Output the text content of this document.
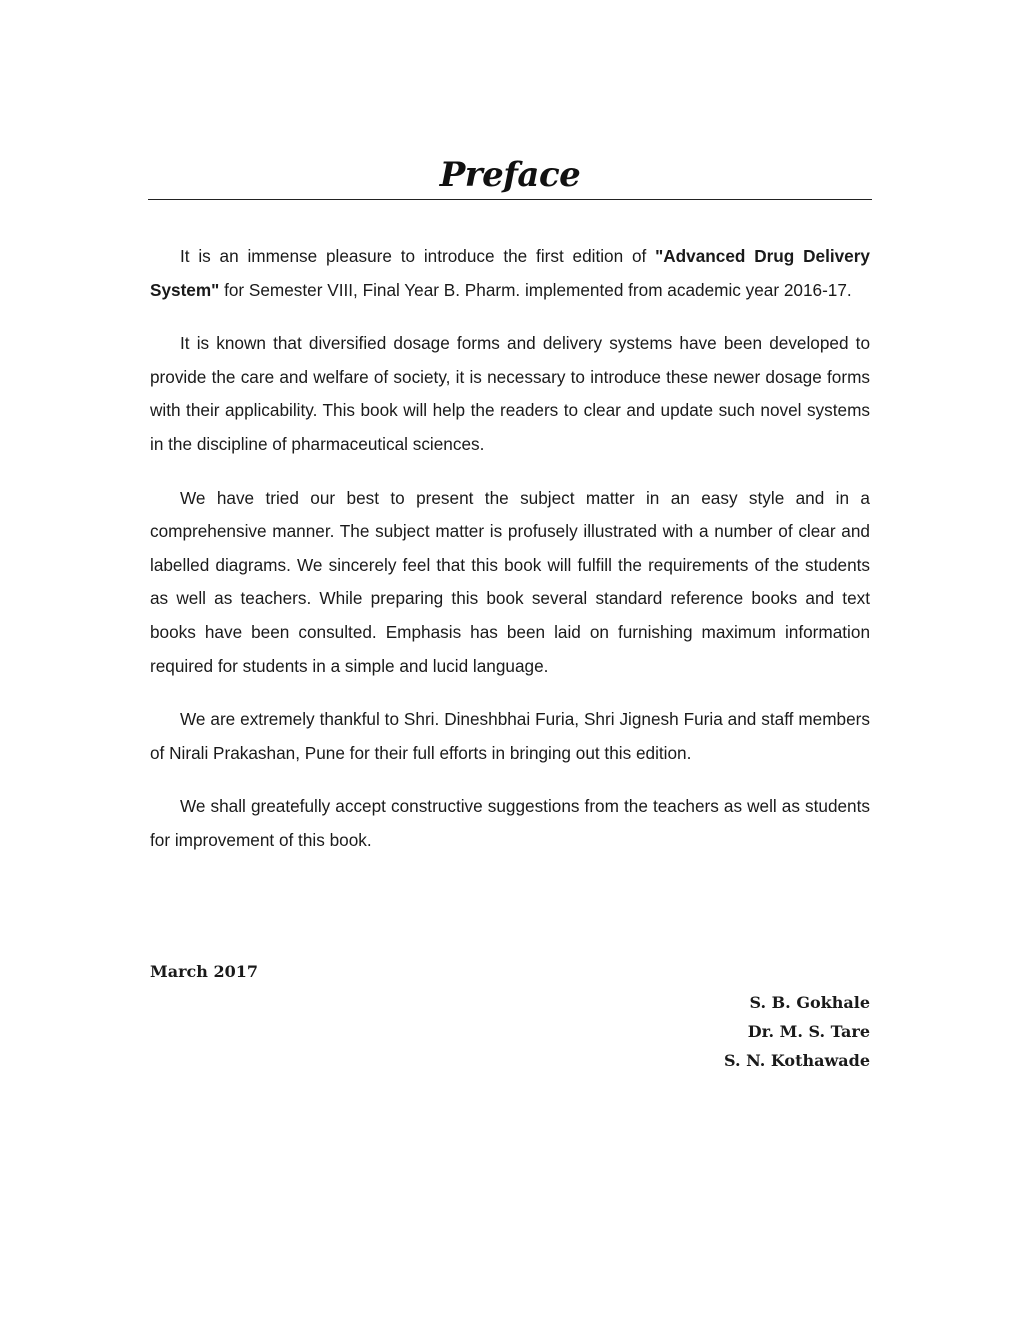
Preface

It is an immense pleasure to introduce the first edition of "Advanced Drug Delivery System" for Semester VIII, Final Year B. Pharm. implemented from academic year 2016-17.

It is known that diversified dosage forms and delivery systems have been developed to provide the care and welfare of society, it is necessary to introduce these newer dosage forms with their applicability. This book will help the readers to clear and update such novel systems in the discipline of pharmaceutical sciences.

We have tried our best to present the subject matter in an easy style and in a comprehensive manner. The subject matter is profusely illustrated with a number of clear and labelled diagrams. We sincerely feel that this book will fulfill the requirements of the students as well as teachers. While preparing this book several standard reference books and text books have been consulted. Emphasis has been laid on furnishing maximum information required for students in a simple and lucid language.

We are extremely thankful to Shri. Dineshbhai Furia, Shri Jignesh Furia and staff members of Nirali Prakashan, Pune for their full efforts in bringing out this edition.

We shall greatefully accept constructive suggestions from the teachers as well as students for improvement of this book.

March 2017
S. B. Gokhale
Dr. M. S. Tare
S. N. Kothawade
